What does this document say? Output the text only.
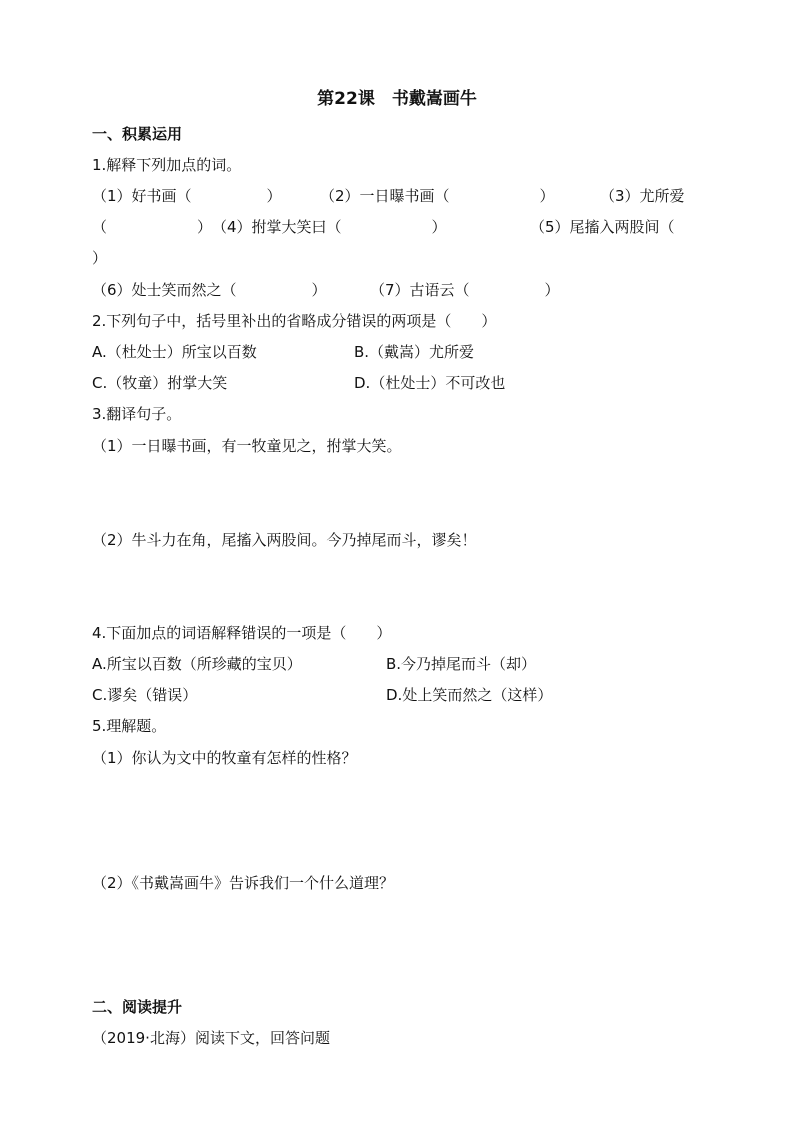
第22课　书戴嵩画牛
一、积累运用
1.解释下列加点的词。
（1）好书画（　　　　　）	（2）一日曝书画（　　　　　　）	（3）尤所爱
（　　　　　　） （4）拊掌大笑曰（　　　　　　）	（5）尾搐入两股间（
）
（6）处士笑而然之（　　　　　）	（7）古语云（　　　　　）
2.下列句子中，括号里补出的省略成分错误的两项是（　　）
A.（杜处士）所宝以百数	B.（戴嵩）尤所爱
C.（牧童）拊掌大笑	D.（杜处士）不可改也
3.翻译句子。
（1）一日曝书画，有一牧童见之，拊掌大笑。
（2）牛斗力在角，尾搐入两股间。今乃掉尾而斗，谬矣！
4.下面加点的词语解释错误的一项是（　　）
A.所宝以百数（所珍藏的宝贝）	B.今乃掉尾而斗（却）
C.谬矣（错误）	D.处上笑而然之（这样）
5.理解题。
（1）你认为文中的牧童有怎样的性格？
（2）《书戴嵩画牛》告诉我们一个什么道理？
二、阅读提升
（2019·北海）阅读下文，回答问题
